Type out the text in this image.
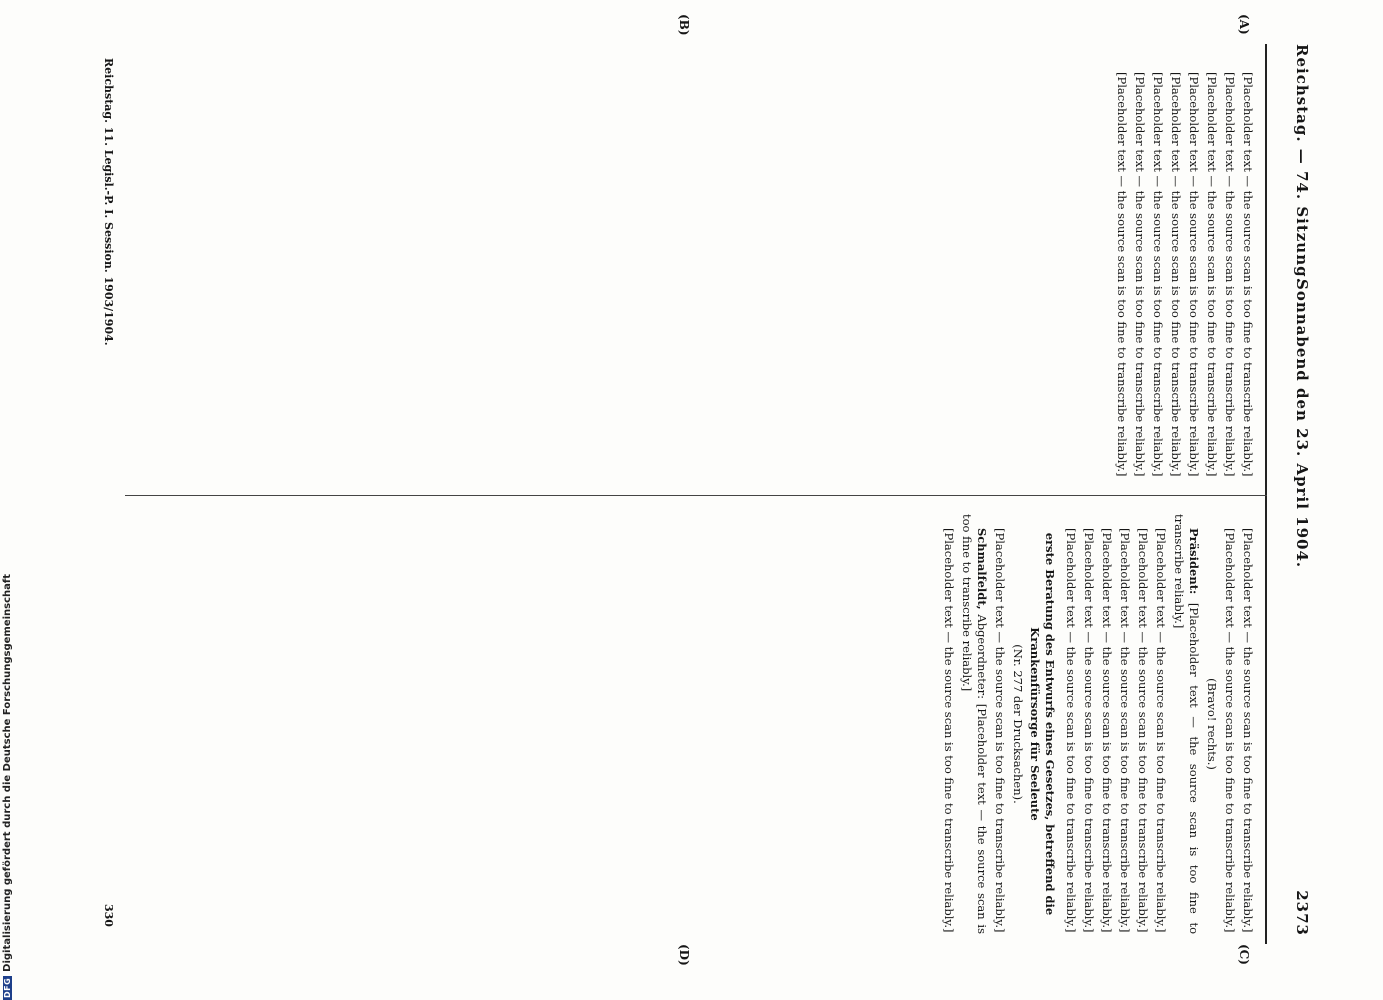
Reichstag. — 74. Sitzung.
Sonnabend den 23. April 1904.
2373
(A)
(B)
(C)
(D)

[Placeholder text — the source scan is too fine to transcribe reliably.]

[Placeholder text — the source scan is too fine to transcribe reliably.]

[Placeholder text — the source scan is too fine to transcribe reliably.]

[Placeholder text — the source scan is too fine to transcribe reliably.]

[Placeholder text — the source scan is too fine to transcribe reliably.]

[Placeholder text — the source scan is too fine to transcribe reliably.]

[Placeholder text — the source scan is too fine to transcribe reliably.]

[Placeholder text — the source scan is too fine to transcribe reliably.]

[Placeholder text — the source scan is too fine to transcribe reliably.]

[Placeholder text — the source scan is too fine to transcribe reliably.]

(Bravo! rechts.)

Präsident: [Placeholder text — the source scan is too fine to transcribe reliably.]

[Placeholder text — the source scan is too fine to transcribe reliably.]

[Placeholder text — the source scan is too fine to transcribe reliably.]

[Placeholder text — the source scan is too fine to transcribe reliably.]

[Placeholder text — the source scan is too fine to transcribe reliably.]

[Placeholder text — the source scan is too fine to transcribe reliably.]

[Placeholder text — the source scan is too fine to transcribe reliably.]

erste Beratung des Entwurfs eines Gesetzes, betreffend die Krankenfürsorge für Seeleute

(Nr. 277 der Drucksachen).

[Placeholder text — the source scan is too fine to transcribe reliably.]

Schmalfeldt, Abgeordneter: [Placeholder text — the source scan is too fine to transcribe reliably.]

[Placeholder text — the source scan is too fine to transcribe reliably.]

Reichstag. 11. Legisl.-P. I. Session. 1903/1904.
330
DFGDigitalisierung gefördert durch die Deutsche Forschungsgemeinschaft
